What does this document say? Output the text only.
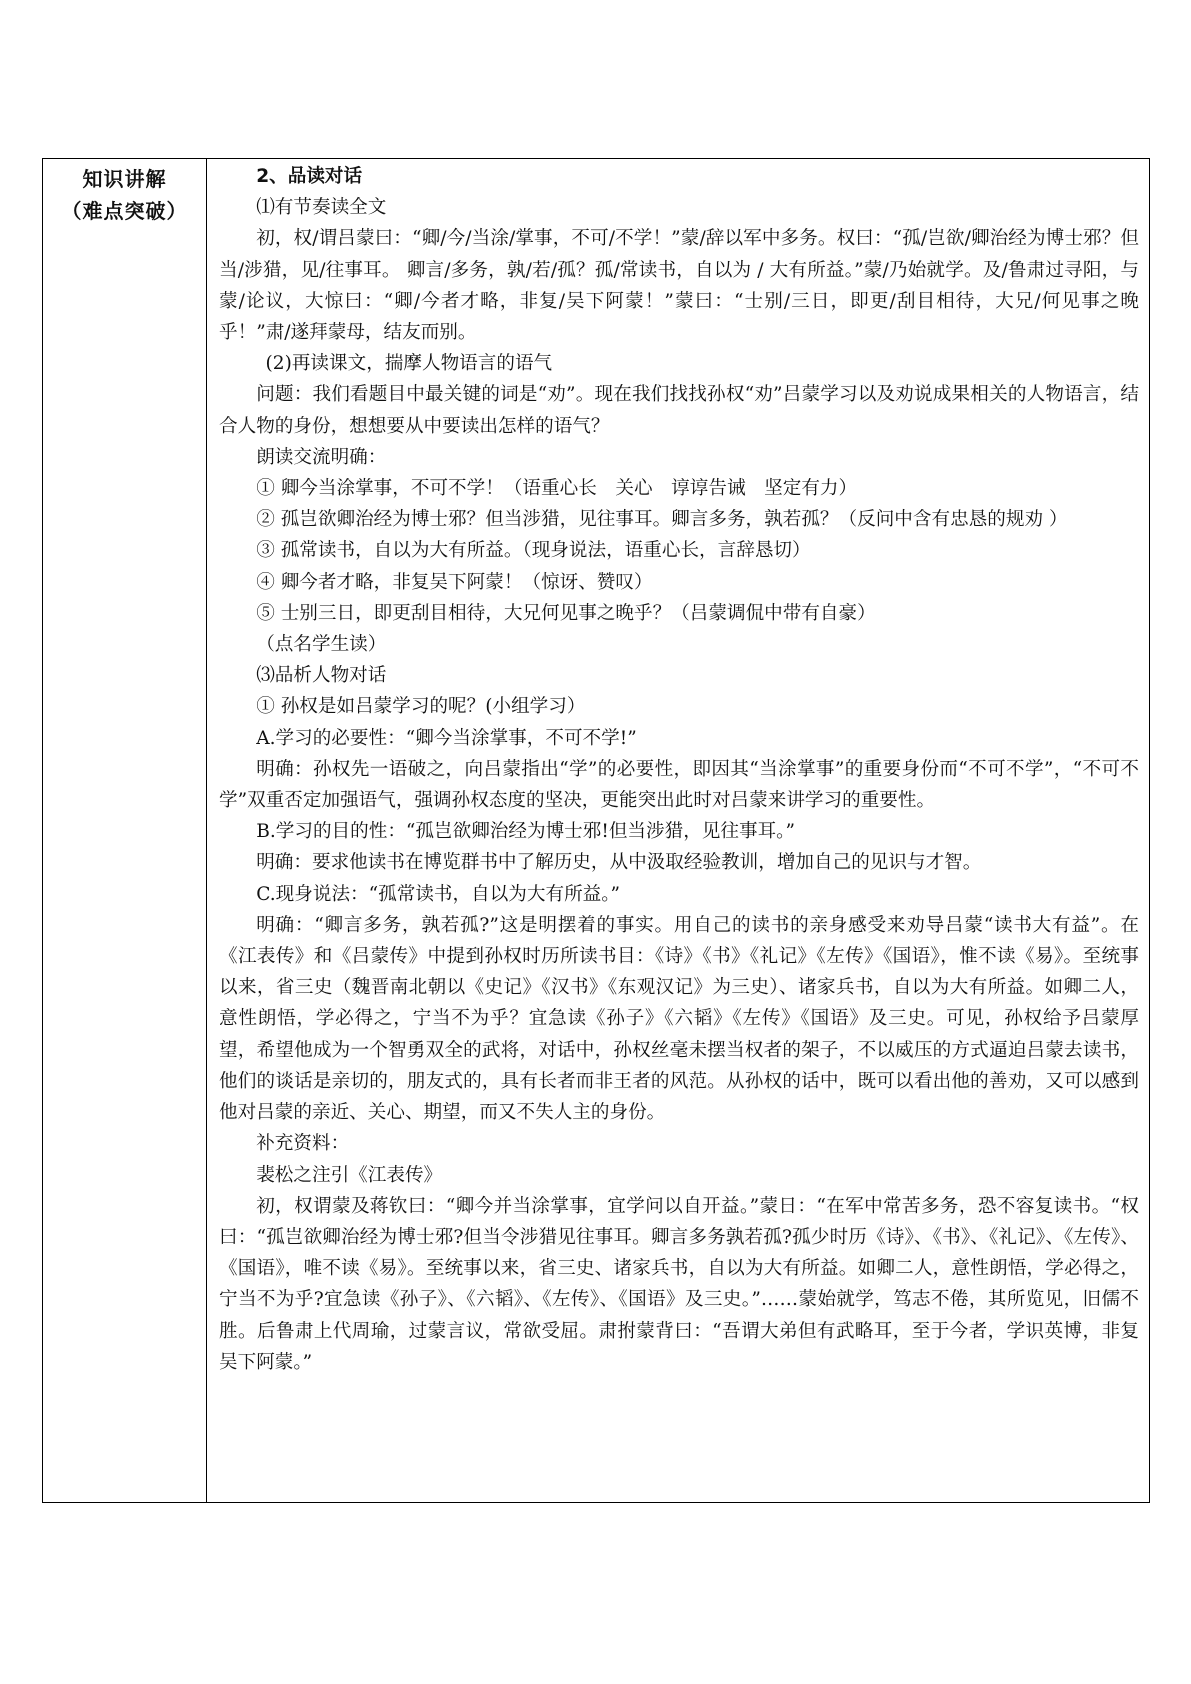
知识讲解
（难点突破）

2、品读对话

⑴有节奏读全文

初，权/谓吕蒙曰：“卿/今/当涂/掌事，不可/不学！”蒙/辞以军中多务。权曰：“孤/岂欲/卿治经为博士邪？但当/涉猎，见/往事耳。 卿言/多务，孰/若/孤？孤/常读书，自以为 / 大有所益。”蒙/乃始就学。及/鲁肃过寻阳，与蒙/论议，大惊曰：“卿/今者才略，非复/吴下阿蒙！”蒙曰：“士别/三日，即更/刮目相待，大兄/何见事之晚乎！”肃/遂拜蒙母，结友而别。

(2)再读课文，揣摩人物语言的语气

问题：我们看题目中最关键的词是“劝”。现在我们找找孙权“劝”吕蒙学习以及劝说成果相关的人物语言，结合人物的身份，想想要从中要读出怎样的语气？

朗读交流明确：

① 卿今当涂掌事，不可不学！（语重心长　关心　谆谆告诫　坚定有力）

② 孤岂欲卿治经为博士邪？但当涉猎，见往事耳。卿言多务，孰若孤？（反问中含有忠恳的规劝 ）

③ 孤常读书，自以为大有所益。（现身说法，语重心长，言辞恳切）

④ 卿今者才略，非复吴下阿蒙！（惊讶、赞叹）

⑤ 士别三日，即更刮目相待，大兄何见事之晚乎？（吕蒙调侃中带有自豪）

（点名学生读）

⑶品析人物对话

① 孙权是如吕蒙学习的呢？(小组学习）

A.学习的必要性：“卿今当涂掌事，不可不学!”

明确：孙权先一语破之，向吕蒙指出“学”的必要性，即因其“当涂掌事”的重要身份而“不可不学”，“不可不学”双重否定加强语气，强调孙权态度的坚决，更能突出此时对吕蒙来讲学习的重要性。

B.学习的目的性：“孤岂欲卿治经为博士邪!但当涉猎，见往事耳。”

明确：要求他读书在博览群书中了解历史，从中汲取经验教训，增加自己的见识与才智。

C.现身说法：“孤常读书，自以为大有所益。”

明确：“卿言多务，孰若孤?”这是明摆着的事实。用自己的读书的亲身感受来劝导吕蒙“读书大有益”。在《江表传》和《吕蒙传》中提到孙权时历所读书目：《诗》《书》《礼记》《左传》《国语》，惟不读《易》。至统事以来，省三史（魏晋南北朝以《史记》《汉书》《东观汉记》为三史）、诸家兵书，自以为大有所益。如卿二人，意性朗悟，学必得之，宁当不为乎？宜急读《孙子》《六韬》《左传》《国语》及三史。可见，孙权给予吕蒙厚望，希望他成为一个智勇双全的武将，对话中，孙权丝毫未摆当权者的架子，不以威压的方式逼迫吕蒙去读书，他们的谈话是亲切的，朋友式的，具有长者而非王者的风范。从孙权的话中，既可以看出他的善劝，又可以感到他对吕蒙的亲近、关心、期望，而又不失人主的身份。

补充资料：

裴松之注引《江表传》

初，权谓蒙及蒋钦曰：“卿今并当涂掌事，宜学问以自开益。”蒙日：“在军中常苦多务，恐不容复读书。“权曰：“孤岂欲卿治经为博士邪?但当令涉猎见往事耳。卿言多务孰若孤?孤少时历《诗》、《书》、《礼记》、《左传》、《国语》，唯不读《易》。至统事以来，省三史、诸家兵书，自以为大有所益。如卿二人，意性朗悟，学必得之，宁当不为乎?宜急读《孙子》、《六韬》、《左传》、《国语》及三史。”……蒙始就学，笃志不倦，其所览见，旧儒不胜。后鲁肃上代周瑜，过蒙言议，常欲受屈。肃拊蒙背曰：“吾谓大弟但有武略耳，至于今者，学识英博，非复吴下阿蒙。”
